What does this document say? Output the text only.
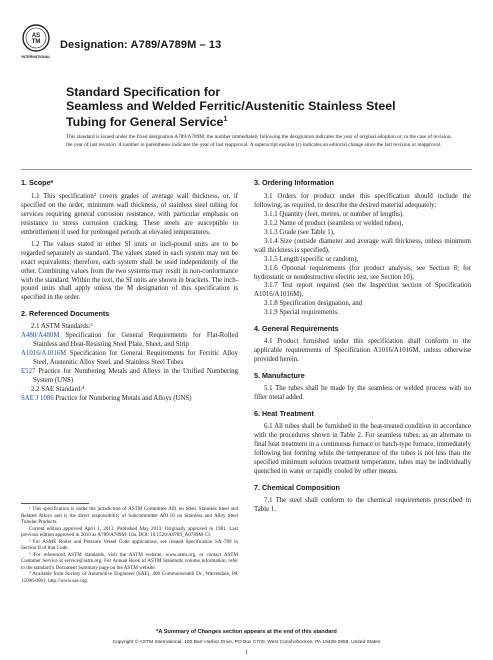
AS
TM
INTERNATIONAL
Designation: A789/A789M – 13
Standard Specification for
Seamless and Welded Ferritic/Austenitic Stainless Steel
Tubing for General Service$^1$
This standard is issued under the fixed designation A789/A789M; the number immediately following the designation indicates the year of original adoption or, in the case of revision, the year of last revision. A number in parentheses indicates the year of last reapproval. A superscript epsilon (ε) indicates an editorial change since the last revision or reapproval.
1. Scope*

1.1 This specification² covers grades of average wall thickness, or, if specified on the order, minimum wall thickness, of stainless steel tubing for services requiring general corrosion resistance, with particular emphasis on resistance to stress corrosion cracking. These steels are susceptible to embrittlement if used for prolonged periods at elevated temperatures.

1.2 The values stated in either SI units or inch-pound units are to be regarded separately as standard. The values stated in each system may not be exact equivalents; therefore, each system shall be used independently of the other. Combining values from the two systems may result in non-conformance with the standard. Within the text, the SI units are shown in brackets. The inch-pound units shall apply unless the M designation of this specification is specified in the order.

2. Referenced Documents

2.1 ASTM Standards:³

A480/A480M Specification for General Requirements for Flat-Rolled Stainless and Heat-Resisting Steel Plate, Sheet, and Strip

A1016/A1016M Specification for General Requirements for Ferritic Alloy Steel, Austenitic Alloy Steel, and Stainless Steel Tubes

E527 Practice for Numbering Metals and Alloys in the Unified Numbering System (UNS)

2.2 SAE Standard:⁴

SAE J 1086 Practice for Numbering Metals and Alloys (UNS)

¹ This specification is under the jurisdiction of ASTM Committee A01 on Steel, Stainless Steel and Related Alloys and is the direct responsibility of Subcommittee A01.10 on Stainless and Alloy Steel Tubular Products.

Current edition approved April 1, 2013. Published May 2013. Originally approved in 1981. Last previous edition approved in 2010 as A789/A789M–10a. DOI: 10.1520/A0789_A0789M-13.

² For ASME Boiler and Pressure Vessel Code applications, see related Specification SA–789 in Section II of that Code.

³ For referenced ASTM standards, visit the ASTM website, www.astm.org, or contact ASTM Customer Service at service@astm.org. For Annual Book of ASTM Standards volume information, refer to the standard’s Document Summary page on the ASTM website.

⁴ Available from Society of Automotive Engineers (SAE), 400 Commonwealth Dr., Warrendale, PA 15096-0001, http://www.sae.org.

3. Ordering Information

3.1 Orders for product under this specification should include the following, as required, to describe the desired material adequately:

3.1.1 Quantity (feet, metres, or number of lengths),

3.1.2 Name of product (seamless or welded tubes),

3.1.3 Grade (see Table 1),

3.1.4 Size (outside diameter and average wall thickness, unless minimum wall thickness is specified),

3.1.5 Length (specific or random),

3.1.6 Optional requirements (for product analysis, see Section 8; for hydrostatic or nondestructive electric test, see Section 10),

3.1.7 Test report required (see the Inspection section of Specification A1016/A1016M),

3.1.8 Specification designation, and

3.1.9 Special requirements.

4. General Requirements

4.1 Product furnished under this specification shall conform to the applicable requirements of Specification A1016/A1016M, unless otherwise provided herein.

5. Manufacture

5.1 The tubes shall be made by the seamless or welded process with no filler metal added.

6. Heat Treatment

6.1 All tubes shall be furnished in the heat-treated condition in accordance with the procedures shown in Table 2. For seamless tubes, as an alternate to final heat treatment in a continuous furnace or batch-type furnace, immediately following hot forming while the temperature of the tubes is not less than the specified minimum solution treatment temperature, tubes may be individually quenched in water or rapidly cooled by other means.

7. Chemical Composition

7.1 The steel shall conform to the chemical requirements prescribed in Table 1.

*A Summary of Changes section appears at the end of this standard
Copyright © ASTM International, 100 Barr Harbor Drive, PO Box C700, West Conshohocken, PA 19428-2959. United States
1
